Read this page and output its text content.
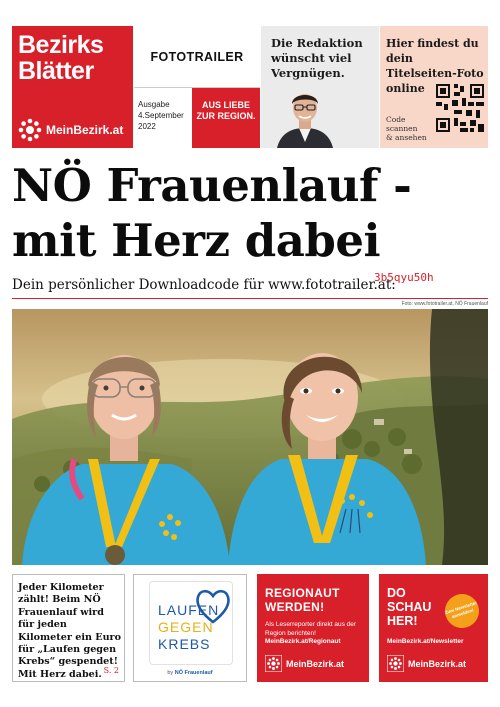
Bezirks
Blätter
MeinBezirk.at
FOTOTRAILER
Ausgabe
4.September 2022
AUS LIEBE ZUR REGION.
Die Redaktion wünscht viel Vergnügen.
Hier findest du dein Titelseiten-Foto online
Code
scannen
& ansehen
NÖ Frauenlauf -
mit Herz dabei
Dein persönlicher Downloadcode für www.fototrailer.at:
3b5qyu50h
Foto: www.fototrailer.at, NÖ Frauenlauf
Jeder Kilometer zählt! Beim NÖ Frauenlauf wird für jeden Kilometer ein Euro für „Laufen gegen Krebs“ gespendet! Mit Herz dabei. S. 2
LAUFEN
GEGEN
KREBS
by NÖ Frauenlauf
REGIONAUT
WERDEN!
Als Leserreporter direkt aus der Region berichten!
MeinBezirk.at/Regionaut
MeinBezirk.at
DO
SCHAU
HER!
Zum Newsletter anmelden!
MeinBezirk.at/Newsletter
MeinBezirk.at
